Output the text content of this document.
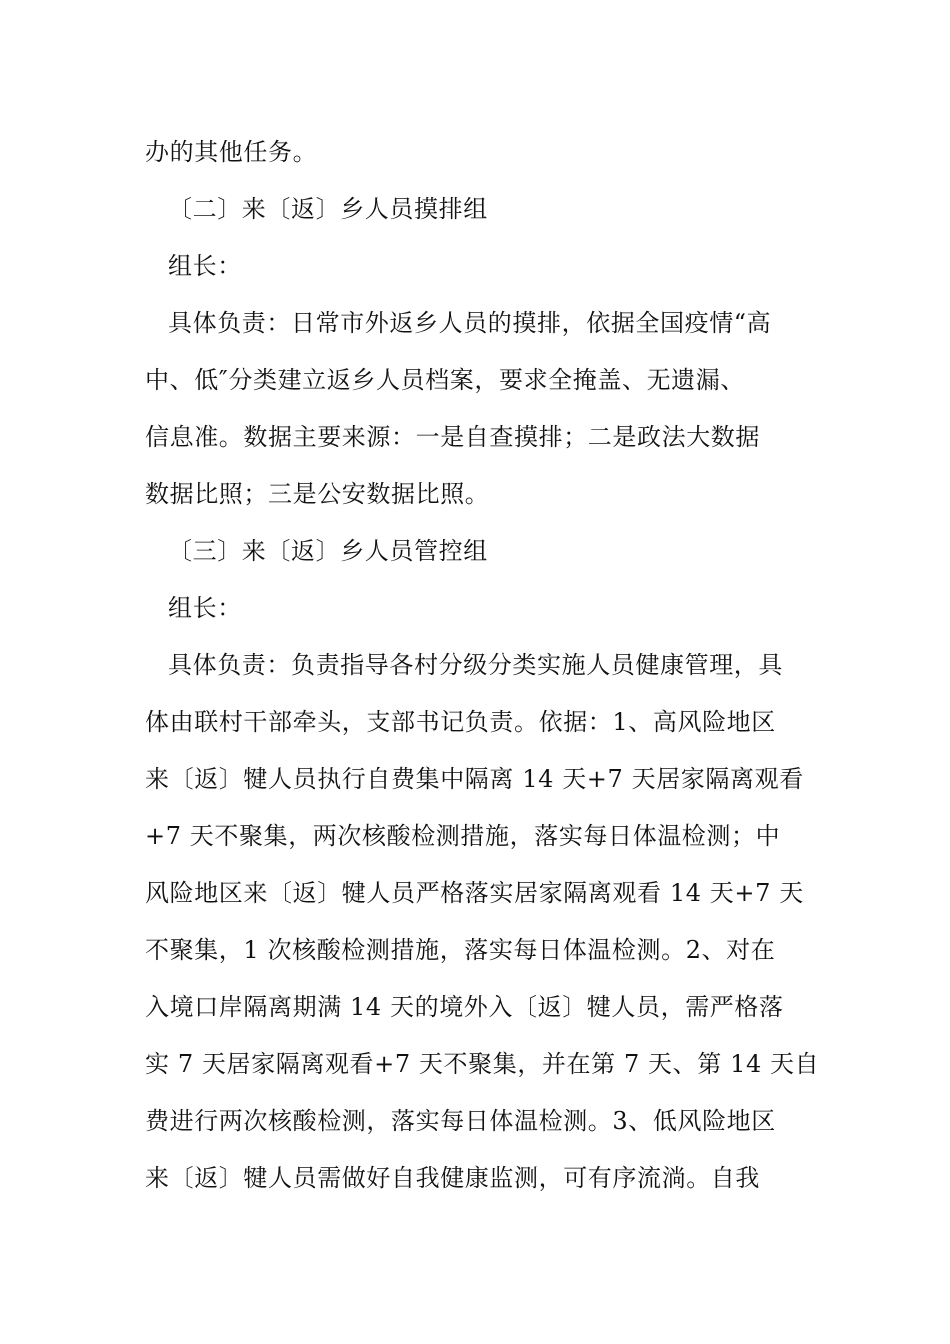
办的其他任务。
〔二〕来〔返〕乡人员摸排组
组长：
具体负责：日常市外返乡人员的摸排，依据全国疫情“高
中、低″分类建立返乡人员档案，要求全掩盖、无遗漏、
信息准。数据主要来源：一是自查摸排；二是政法大数据
数据比照；三是公安数据比照。
〔三〕来〔返〕乡人员管控组
组长：
具体负责：负责指导各村分级分类实施人员健康管理，具
体由联村干部牵头，支部书记负责。依据：1、高风险地区
来〔返〕犍人员执行自费集中隔离 14 天+7 天居家隔离观看
+7 天不聚集，两次核酸检测措施，落实每日体温检测；中
风险地区来〔返〕犍人员严格落实居家隔离观看 14 天+7 天
不聚集，1 次核酸检测措施，落实每日体温检测。2、对在
入境口岸隔离期满 14 天的境外入〔返〕犍人员，需严格落
实 7 天居家隔离观看+7 天不聚集，并在第 7 天、第 14 天自
费进行两次核酸检测，落实每日体温检测。3、低风险地区
来〔返〕犍人员需做好自我健康监测，可有序流淌。自我
